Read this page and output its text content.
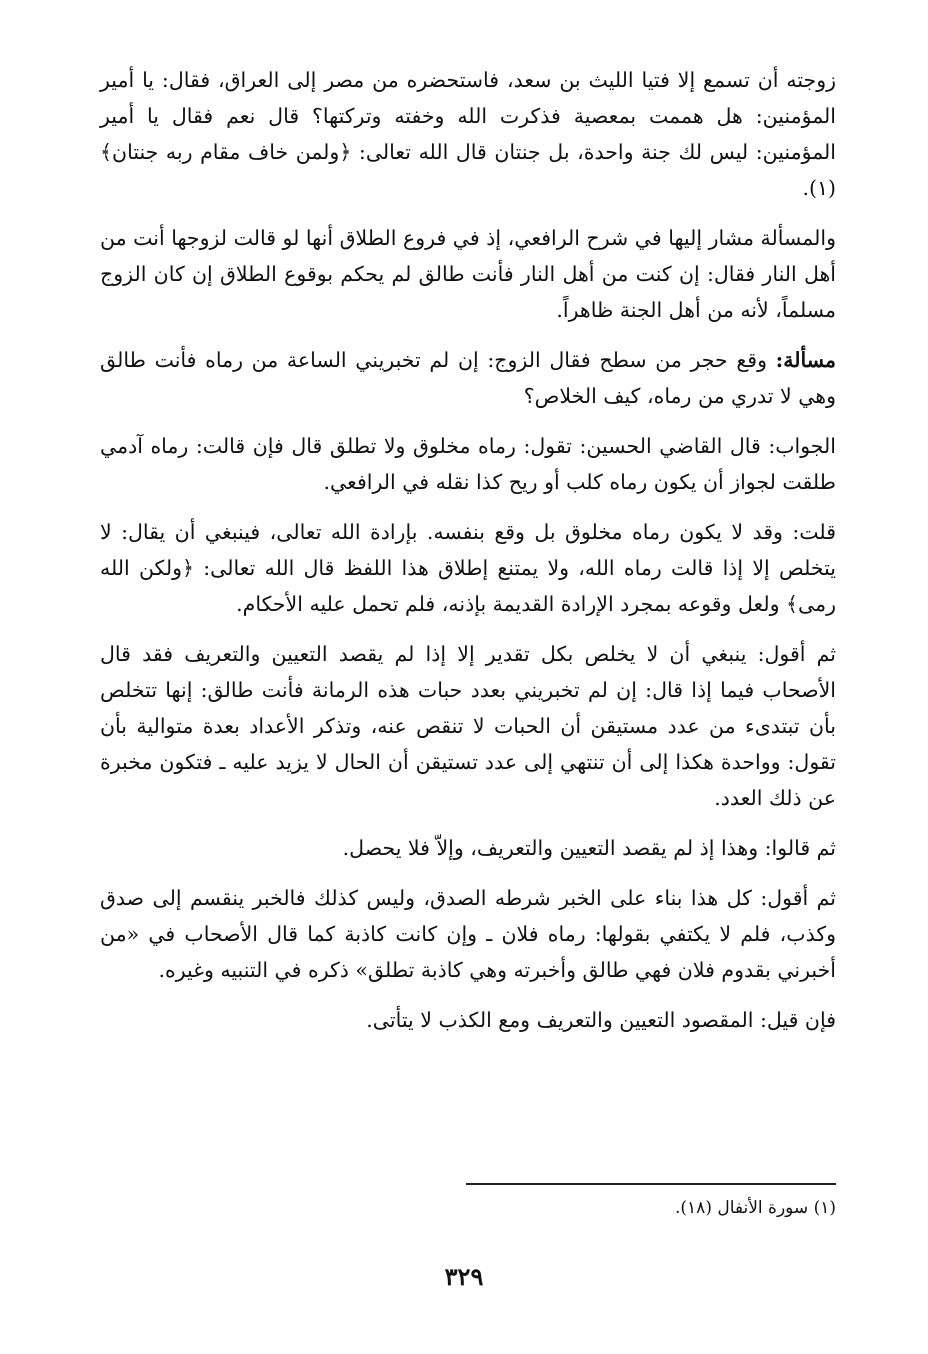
زوجته أن تسمع إلا فتيا الليث بن سعد، فاستحضره من مصر إلى العراق، فقال: يا أمير المؤمنين: هل هممت بمعصية فذكرت الله وخفته وتركتها؟ قال نعم فقال يا أمير المؤمنين: ليس لك جنة واحدة، بل جنتان قال الله تعالى: ﴿ولمن خاف مقام ربه جنتان﴾(١).

والمسألة مشار إليها في شرح الرافعي، إذ في فروع الطلاق أنها لو قالت لزوجها أنت من أهل النار فقال: إن كنت من أهل النار فأنت طالق لم يحكم بوقوع الطلاق إن كان الزوج مسلماً، لأنه من أهل الجنة ظاهراً.

مسألة: وقع حجر من سطح فقال الزوج: إن لم تخبريني الساعة من رماه فأنت طالق وهي لا تدري من رماه، كيف الخلاص؟

الجواب: قال القاضي الحسين: تقول: رماه مخلوق ولا تطلق قال فإن قالت: رماه آدمي طلقت لجواز أن يكون رماه كلب أو ريح كذا نقله في الرافعي.

قلت: وقد لا يكون رماه مخلوق بل وقع بنفسه. بإرادة الله تعالى، فينبغي أن يقال: لا يتخلص إلا إذا قالت رماه الله، ولا يمتنع إطلاق هذا اللفظ قال الله تعالى: ﴿ولكن الله رمى﴾ ولعل وقوعه بمجرد الإرادة القديمة بإذنه، فلم تحمل عليه الأحكام.

ثم أقول: ينبغي أن لا يخلص بكل تقدير إلا إذا لم يقصد التعيين والتعريف فقد قال الأصحاب فيما إذا قال: إن لم تخبريني بعدد حبات هذه الرمانة فأنت طالق: إنها تتخلص بأن تبتدىء من عدد مستيقن أن الحبات لا تنقص عنه، وتذكر الأعداد بعدة متوالية بأن تقول: وواحدة هكذا إلى أن تنتهي إلى عدد تستيقن أن الحال لا يزيد عليه ـ فتكون مخبرة عن ذلك العدد.

ثم قالوا: وهذا إذ لم يقصد التعيين والتعريف، وإلاّ فلا يحصل.

ثم أقول: كل هذا بناء على الخبر شرطه الصدق، وليس كذلك فالخبر ينقسم إلى صدق وكذب، فلم لا يكتفي بقولها: رماه فلان ـ وإن كانت كاذبة كما قال الأصحاب في «من أخبرني بقدوم فلان فهي طالق وأخبرته وهي كاذبة تطلق» ذكره في التنبيه وغيره.

فإن قيل: المقصود التعيين والتعريف ومع الكذب لا يتأتى.

(١) سورة الأنفال (١٨).
٣٢٩
